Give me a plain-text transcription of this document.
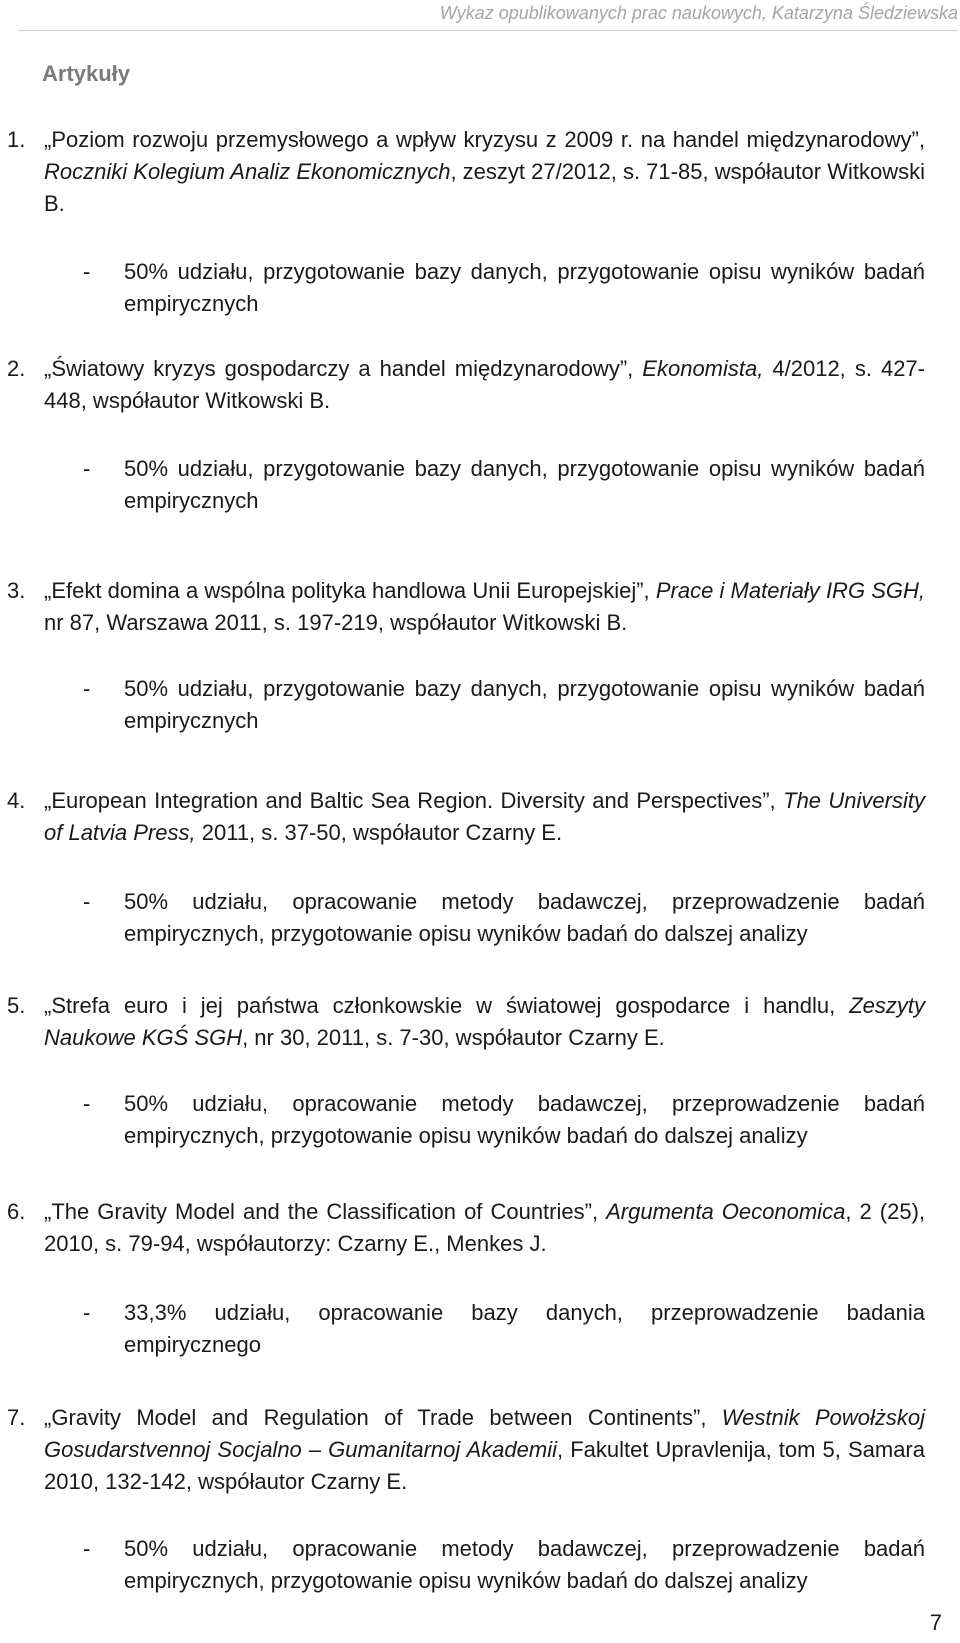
Wykaz opublikowanych prac naukowych, Katarzyna Śledziewska
Artykuły
1. „Poziom rozwoju przemysłowego a wpływ kryzysu z 2009 r. na handel międzynarodowy”, Roczniki Kolegium Analiz Ekonomicznych, zeszyt 27/2012, s. 71-85, współautor Witkowski B.

- 50% udziału, przygotowanie bazy danych, przygotowanie opisu wyników badań empirycznych

2. „Światowy kryzys gospodarczy a handel międzynarodowy”, Ekonomista, 4/2012, s. 427-448, współautor Witkowski B.

- 50% udziału, przygotowanie bazy danych, przygotowanie opisu wyników badań empirycznych

3. „Efekt domina a wspólna polityka handlowa Unii Europejskiej”, Prace i Materiały IRG SGH, nr 87, Warszawa 2011, s. 197-219, współautor Witkowski B.

- 50% udziału, przygotowanie bazy danych, przygotowanie opisu wyników badań empirycznych

4. „European Integration and Baltic Sea Region. Diversity and Perspectives”, The University of Latvia Press, 2011, s. 37-50, współautor Czarny E.

- 50% udziału, opracowanie metody badawczej, przeprowadzenie badań empirycznych, przygotowanie opisu wyników badań do dalszej analizy

5. „Strefa euro i jej państwa członkowskie w światowej gospodarce i handlu, Zeszyty Naukowe KGŚ SGH, nr 30, 2011, s. 7-30, współautor Czarny E.

- 50% udziału, opracowanie metody badawczej, przeprowadzenie badań empirycznych, przygotowanie opisu wyników badań do dalszej analizy

6. „The Gravity Model and the Classification of Countries”, Argumenta Oeconomica, 2 (25), 2010, s. 79-94, współautorzy: Czarny E., Menkes J.

- 33,3% udziału, opracowanie bazy danych, przeprowadzenie badania empirycznego

7. „Gravity Model and Regulation of Trade between Continents”, Westnik Powołżskoj Gosudarstvennoj Socjalno – Gumanitarnoj Akademii, Fakultet Upravlenija, tom 5, Samara 2010, 132-142, współautor Czarny E.

- 50% udziału, opracowanie metody badawczej, przeprowadzenie badań empirycznych, przygotowanie opisu wyników badań do dalszej analizy

7
